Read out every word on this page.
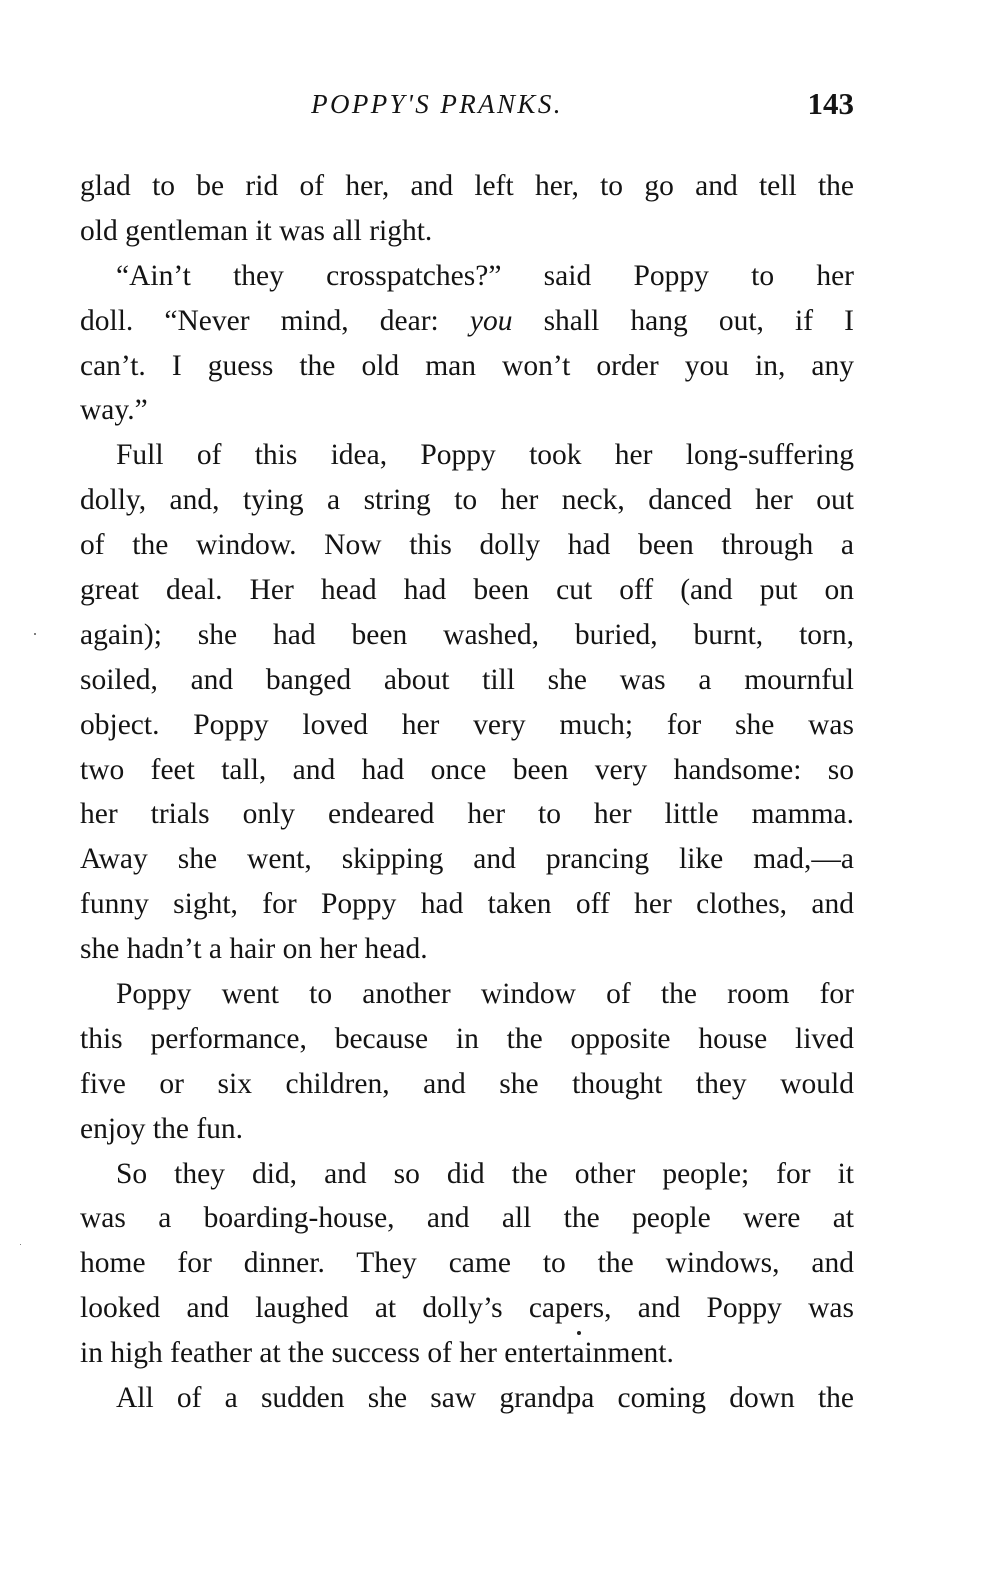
POPPY'S PRANKS.	143
glad to be rid of her, and left her, to go and tell the
old gentleman it was all right.
“Ain’t they crosspatches?” said Poppy to her
doll. “Never mind, dear: you shall hang out, if I
can’t. I guess the old man won’t order you in, any
way.”
Full of this idea, Poppy took her long-suffering
dolly, and, tying a string to her neck, danced her out
of the window. Now this dolly had been through a
great deal. Her head had been cut off (and put on
again); she had been washed, buried, burnt, torn,
soiled, and banged about till she was a mournful
object. Poppy loved her very much; for she was
two feet tall, and had once been very handsome: so
her trials only endeared her to her little mamma.
Away she went, skipping and prancing like mad,—a
funny sight, for Poppy had taken off her clothes, and
she hadn’t a hair on her head.
Poppy went to another window of the room for
this performance, because in the opposite house lived
five or six children, and she thought they would
enjoy the fun.
So they did, and so did the other people; for it
was a boarding-house, and all the people were at
home for dinner. They came to the windows, and
looked and laughed at dolly’s capers, and Poppy was
in high feather at the success of her entertainment.
All of a sudden she saw grandpa coming down the
